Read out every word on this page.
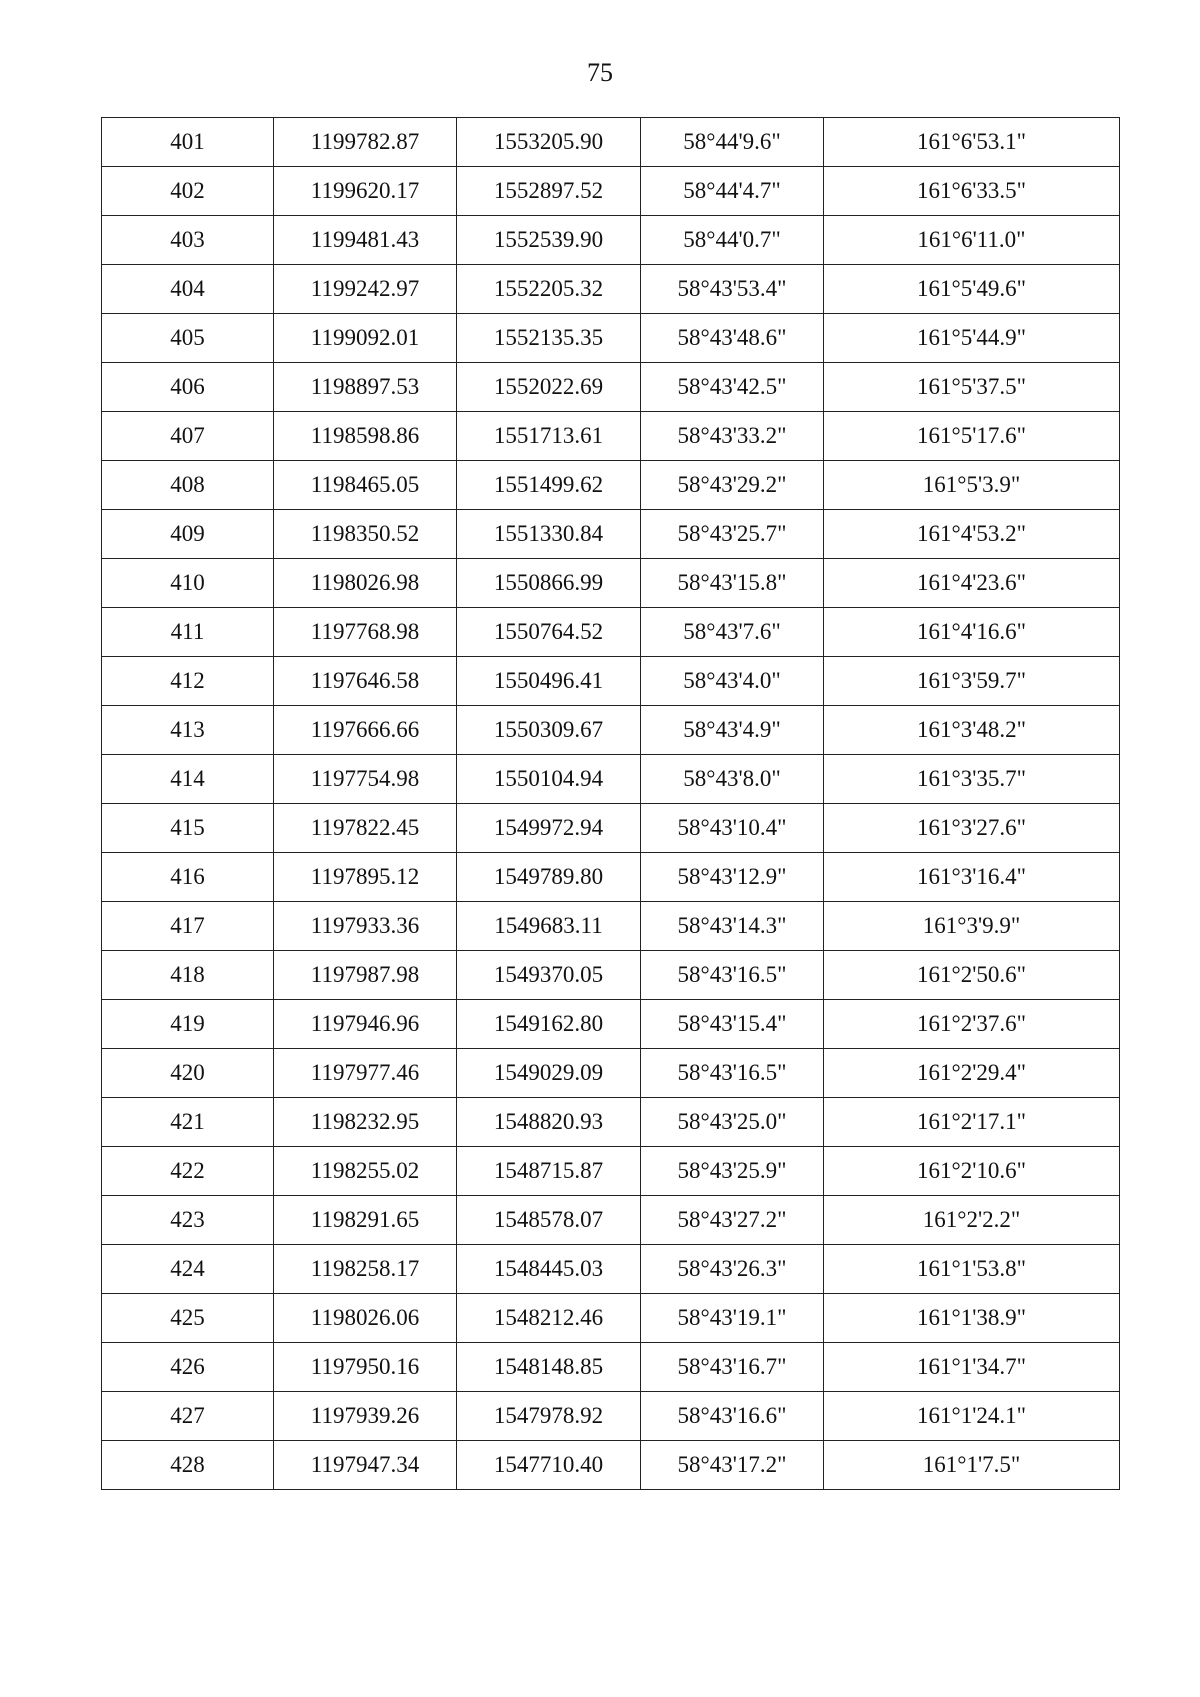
75
401	1199782.87	1553205.90	58°44'9.6"	161°6'53.1"
402	1199620.17	1552897.52	58°44'4.7"	161°6'33.5"
403	1199481.43	1552539.90	58°44'0.7"	161°6'11.0"
404	1199242.97	1552205.32	58°43'53.4"	161°5'49.6"
405	1199092.01	1552135.35	58°43'48.6"	161°5'44.9"
406	1198897.53	1552022.69	58°43'42.5"	161°5'37.5"
407	1198598.86	1551713.61	58°43'33.2"	161°5'17.6"
408	1198465.05	1551499.62	58°43'29.2"	161°5'3.9"
409	1198350.52	1551330.84	58°43'25.7"	161°4'53.2"
410	1198026.98	1550866.99	58°43'15.8"	161°4'23.6"
411	1197768.98	1550764.52	58°43'7.6"	161°4'16.6"
412	1197646.58	1550496.41	58°43'4.0"	161°3'59.7"
413	1197666.66	1550309.67	58°43'4.9"	161°3'48.2"
414	1197754.98	1550104.94	58°43'8.0"	161°3'35.7"
415	1197822.45	1549972.94	58°43'10.4"	161°3'27.6"
416	1197895.12	1549789.80	58°43'12.9"	161°3'16.4"
417	1197933.36	1549683.11	58°43'14.3"	161°3'9.9"
418	1197987.98	1549370.05	58°43'16.5"	161°2'50.6"
419	1197946.96	1549162.80	58°43'15.4"	161°2'37.6"
420	1197977.46	1549029.09	58°43'16.5"	161°2'29.4"
421	1198232.95	1548820.93	58°43'25.0"	161°2'17.1"
422	1198255.02	1548715.87	58°43'25.9"	161°2'10.6"
423	1198291.65	1548578.07	58°43'27.2"	161°2'2.2"
424	1198258.17	1548445.03	58°43'26.3"	161°1'53.8"
425	1198026.06	1548212.46	58°43'19.1"	161°1'38.9"
426	1197950.16	1548148.85	58°43'16.7"	161°1'34.7"
427	1197939.26	1547978.92	58°43'16.6"	161°1'24.1"
428	1197947.34	1547710.40	58°43'17.2"	161°1'7.5"
